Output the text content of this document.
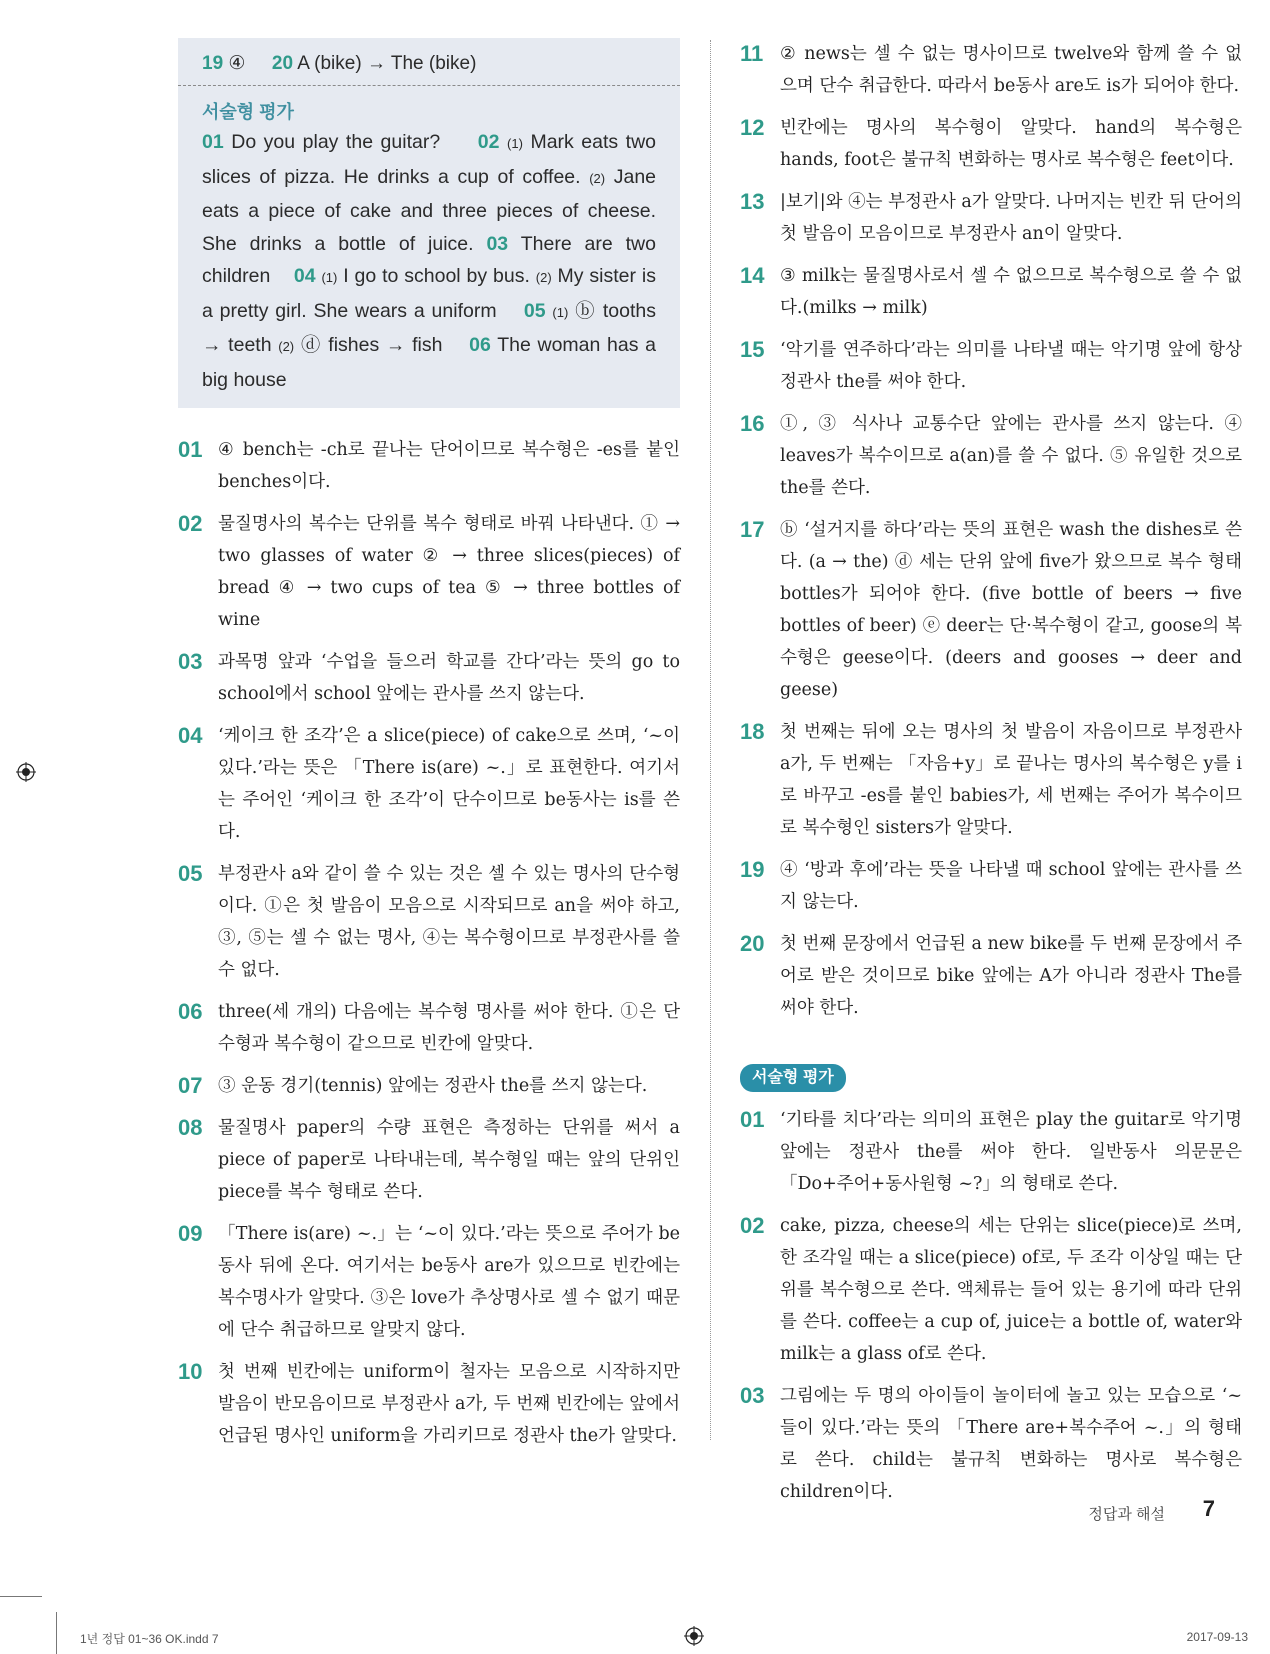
19 ④ 20 A (bike) → The (bike)
서술형 평가
01 Do you play the guitar? 02 (1) Mark eats two slices of pizza. He drinks a cup of coffee. (2) Jane eats a piece of cake and three pieces of cheese. She drinks a bottle of juice. 03 There are two children 04 (1) I go to school by bus. (2) My sister is a pretty girl. She wears a uniform 05 (1) ⓑ tooths → teeth (2) ⓓ fishes → fish 06 The woman has a big house
01 ④ bench는 -ch로 끝나는 단어이므로 복수형은 -es를 붙인 benches이다.
02 물질명사의 복수는 단위를 복수 형태로 바꿔 나타낸다. ① → two glasses of water ② → three slices(pieces) of bread ④ → two cups of tea ⑤ → three bottles of wine
03 과목명 앞과 ‘수업을 들으러 학교를 간다’라는 뜻의 go to school에서 school 앞에는 관사를 쓰지 않는다.
04 ‘케이크 한 조각’은 a slice(piece) of cake으로 쓰며, ‘~이 있다.’라는 뜻은 「There is(are) ~.」로 표현한다. 여기서는 주어인 ‘케이크 한 조각’이 단수이므로 be동사는 is를 쓴다.
05 부정관사 a와 같이 쓸 수 있는 것은 셀 수 있는 명사의 단수형이다. ①은 첫 발음이 모음으로 시작되므로 an을 써야 하고, ③, ⑤는 셀 수 없는 명사, ④는 복수형이므로 부정관사를 쓸 수 없다.
06 three(세 개의) 다음에는 복수형 명사를 써야 한다. ①은 단수형과 복수형이 같으므로 빈칸에 알맞다.
07 ③ 운동 경기(tennis) 앞에는 정관사 the를 쓰지 않는다.
08 물질명사 paper의 수량 표현은 측정하는 단위를 써서 a piece of paper로 나타내는데, 복수형일 때는 앞의 단위인 piece를 복수 형태로 쓴다.
09 「There is(are) ~.」는 ‘~이 있다.’라는 뜻으로 주어가 be동사 뒤에 온다. 여기서는 be동사 are가 있으므로 빈칸에는 복수명사가 알맞다. ③은 love가 추상명사로 셀 수 없기 때문에 단수 취급하므로 알맞지 않다.
10 첫 번째 빈칸에는 uniform이 철자는 모음으로 시작하지만 발음이 반모음이므로 부정관사 a가, 두 번째 빈칸에는 앞에서 언급된 명사인 uniform을 가리키므로 정관사 the가 알맞다.
11 ② news는 셀 수 없는 명사이므로 twelve와 함께 쓸 수 없으며 단수 취급한다. 따라서 be동사 are도 is가 되어야 한다.
12 빈칸에는 명사의 복수형이 알맞다. hand의 복수형은 hands, foot은 불규칙 변화하는 명사로 복수형은 feet이다.
13 |보기|와 ④는 부정관사 a가 알맞다. 나머지는 빈칸 뒤 단어의 첫 발음이 모음이므로 부정관사 an이 알맞다.
14 ③ milk는 물질명사로서 셀 수 없으므로 복수형으로 쓸 수 없다.(milks → milk)
15 ‘악기를 연주하다’라는 의미를 나타낼 때는 악기명 앞에 항상 정관사 the를 써야 한다.
16 ①, ③ 식사나 교통수단 앞에는 관사를 쓰지 않는다. ④ leaves가 복수이므로 a(an)를 쓸 수 없다. ⑤ 유일한 것으로 the를 쓴다.
17 ⓑ ‘설거지를 하다’라는 뜻의 표현은 wash the dishes로 쓴다. (a → the) ⓓ 세는 단위 앞에 five가 왔으므로 복수 형태 bottles가 되어야 한다. (five bottle of beers → five bottles of beer) ⓔ deer는 단·복수형이 같고, goose의 복수형은 geese이다. (deers and gooses → deer and geese)
18 첫 번째는 뒤에 오는 명사의 첫 발음이 자음이므로 부정관사 a가, 두 번째는 「자음+y」로 끝나는 명사의 복수형은 y를 i로 바꾸고 -es를 붙인 babies가, 세 번째는 주어가 복수이므로 복수형인 sisters가 알맞다.
19 ④ ‘방과 후에’라는 뜻을 나타낼 때 school 앞에는 관사를 쓰지 않는다.
20 첫 번째 문장에서 언급된 a new bike를 두 번째 문장에서 주어로 받은 것이므로 bike 앞에는 A가 아니라 정관사 The를 써야 한다.
서술형 평가
01 ‘기타를 치다’라는 의미의 표현은 play the guitar로 악기명 앞에는 정관사 the를 써야 한다. 일반동사 의문문은 「Do+주어+동사원형 ~?」의 형태로 쓴다.
02 cake, pizza, cheese의 세는 단위는 slice(piece)로 쓰며, 한 조각일 때는 a slice(piece) of로, 두 조각 이상일 때는 단위를 복수형으로 쓴다. 액체류는 들어 있는 용기에 따라 단위를 쓴다. coffee는 a cup of, juice는 a bottle of, water와 milk는 a glass of로 쓴다.
03 그림에는 두 명의 아이들이 놀이터에 놀고 있는 모습으로 ‘~들이 있다.’라는 뜻의 「There are+복수주어 ~.」의 형태로 쓴다. child는 불규칙 변화하는 명사로 복수형은 children이다.
정답과 해설 7
1년 정답 01~36 OK.indd 7	2017-09-13
